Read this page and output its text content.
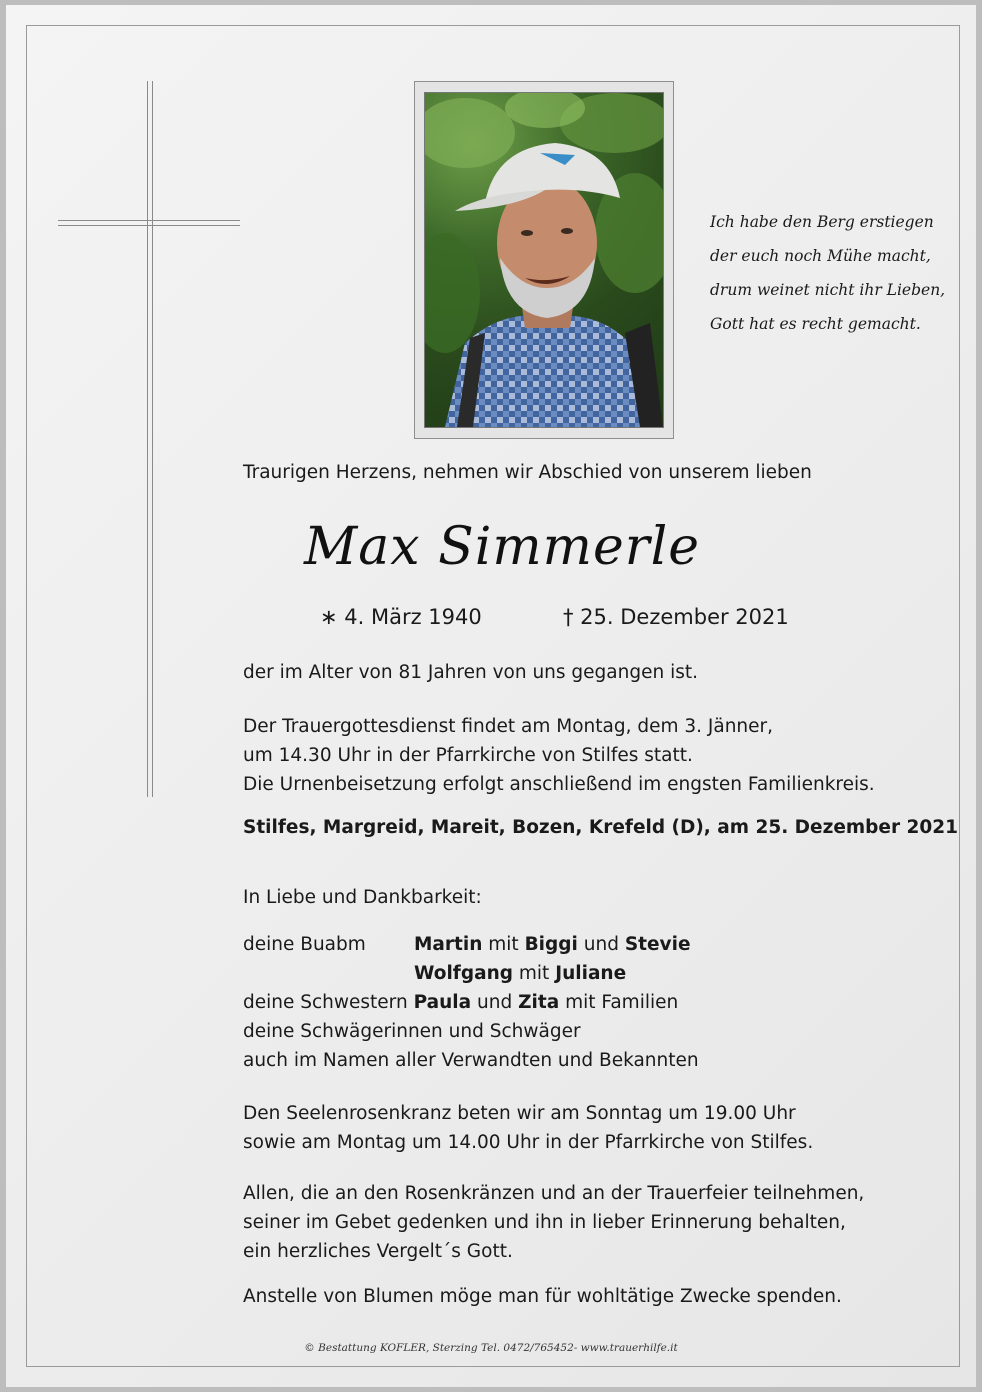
Ich habe den Berg erstiegen
der euch noch Mühe macht,
drum weinet nicht ihr Lieben,
Gott hat es recht gemacht.
Traurigen Herzens, nehmen wir Abschied von unserem lieben
Max Simmerle
∗ 4. März 1940	† 25. Dezember 2021
der im Alter von 81 Jahren von uns gegangen ist.
Der Trauergottesdienst findet am Montag, dem 3. Jänner,
um 14.30 Uhr in der Pfarrkirche von Stilfes statt.
Die Urnenbeisetzung erfolgt anschließend im engsten Familienkreis.
Stilfes, Margreid, Mareit, Bozen, Krefeld (D), am 25. Dezember 2021
In Liebe und Dankbarkeit:
deine Buabm	Martin mit Biggi und Stevie
Wolfgang mit Juliane
deine Schwestern Paula und Zita mit Familien
deine Schwägerinnen und Schwäger
auch im Namen aller Verwandten und Bekannten
Den Seelenrosenkranz beten wir am Sonntag um 19.00 Uhr
sowie am Montag um 14.00 Uhr in der Pfarrkirche von Stilfes.
Allen, die an den Rosenkränzen und an der Trauerfeier teilnehmen,
seiner im Gebet gedenken und ihn in lieber Erinnerung behalten,
ein herzliches Vergelt´s Gott.
Anstelle von Blumen möge man für wohltätige Zwecke spenden.
© Bestattung KOFLER, Sterzing Tel. 0472/765452- www.trauerhilfe.it
